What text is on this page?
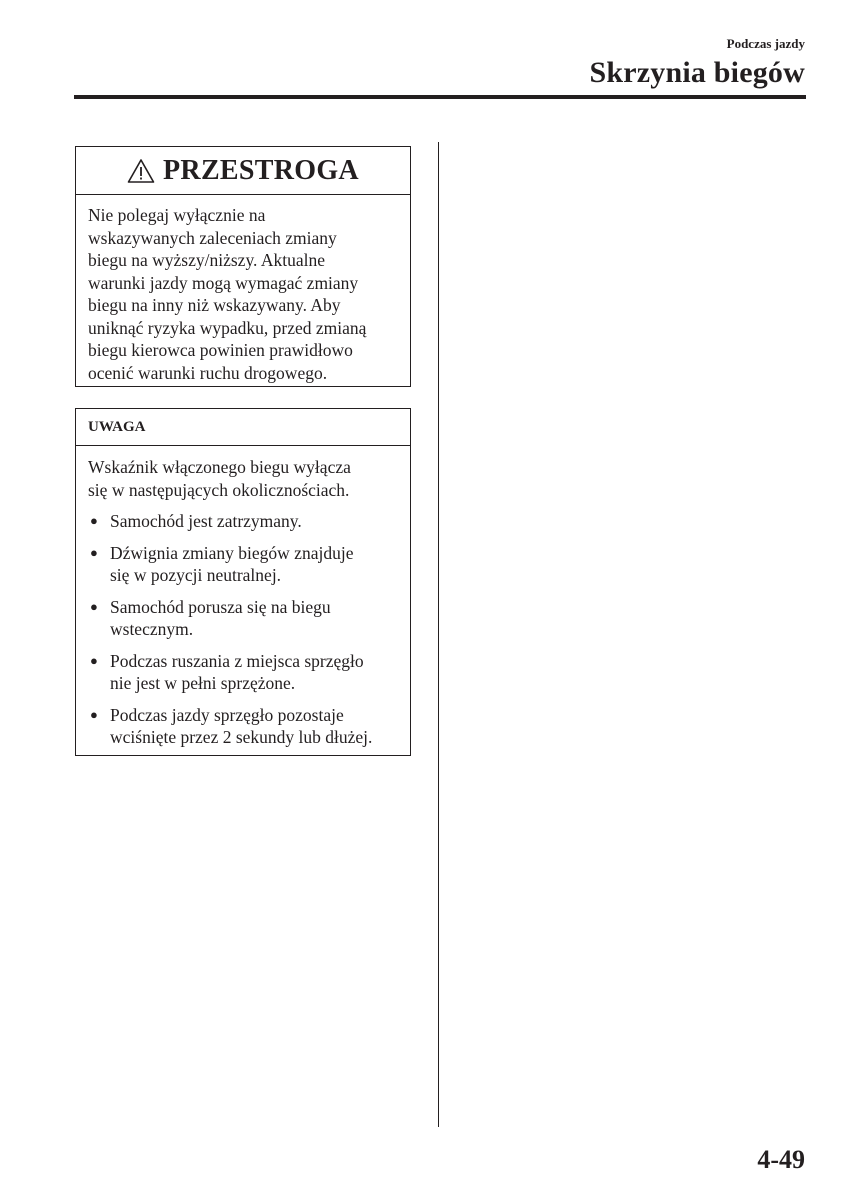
Podczas jazdy
Skrzynia biegów
PRZESTROGA
Nie polegaj wyłącznie na
wskazywanych zaleceniach zmiany
biegu na wyższy/niższy. Aktualne
warunki jazdy mogą wymagać zmiany
biegu na inny niż wskazywany. Aby
uniknąć ryzyka wypadku, przed zmianą
biegu kierowca powinien prawidłowo
ocenić warunki ruchu drogowego.
UWAGA
Wskaźnik włączonego biegu wyłącza
się w następujących okolicznościach.
● Samochód jest zatrzymany.
● Dźwignia zmiany biegów znajduje
się w pozycji neutralnej.
● Samochód porusza się na biegu
wstecznym.
● Podczas ruszania z miejsca sprzęgło
nie jest w pełni sprzężone.
● Podczas jazdy sprzęgło pozostaje
wciśnięte przez 2 sekundy lub dłużej.
4-49
